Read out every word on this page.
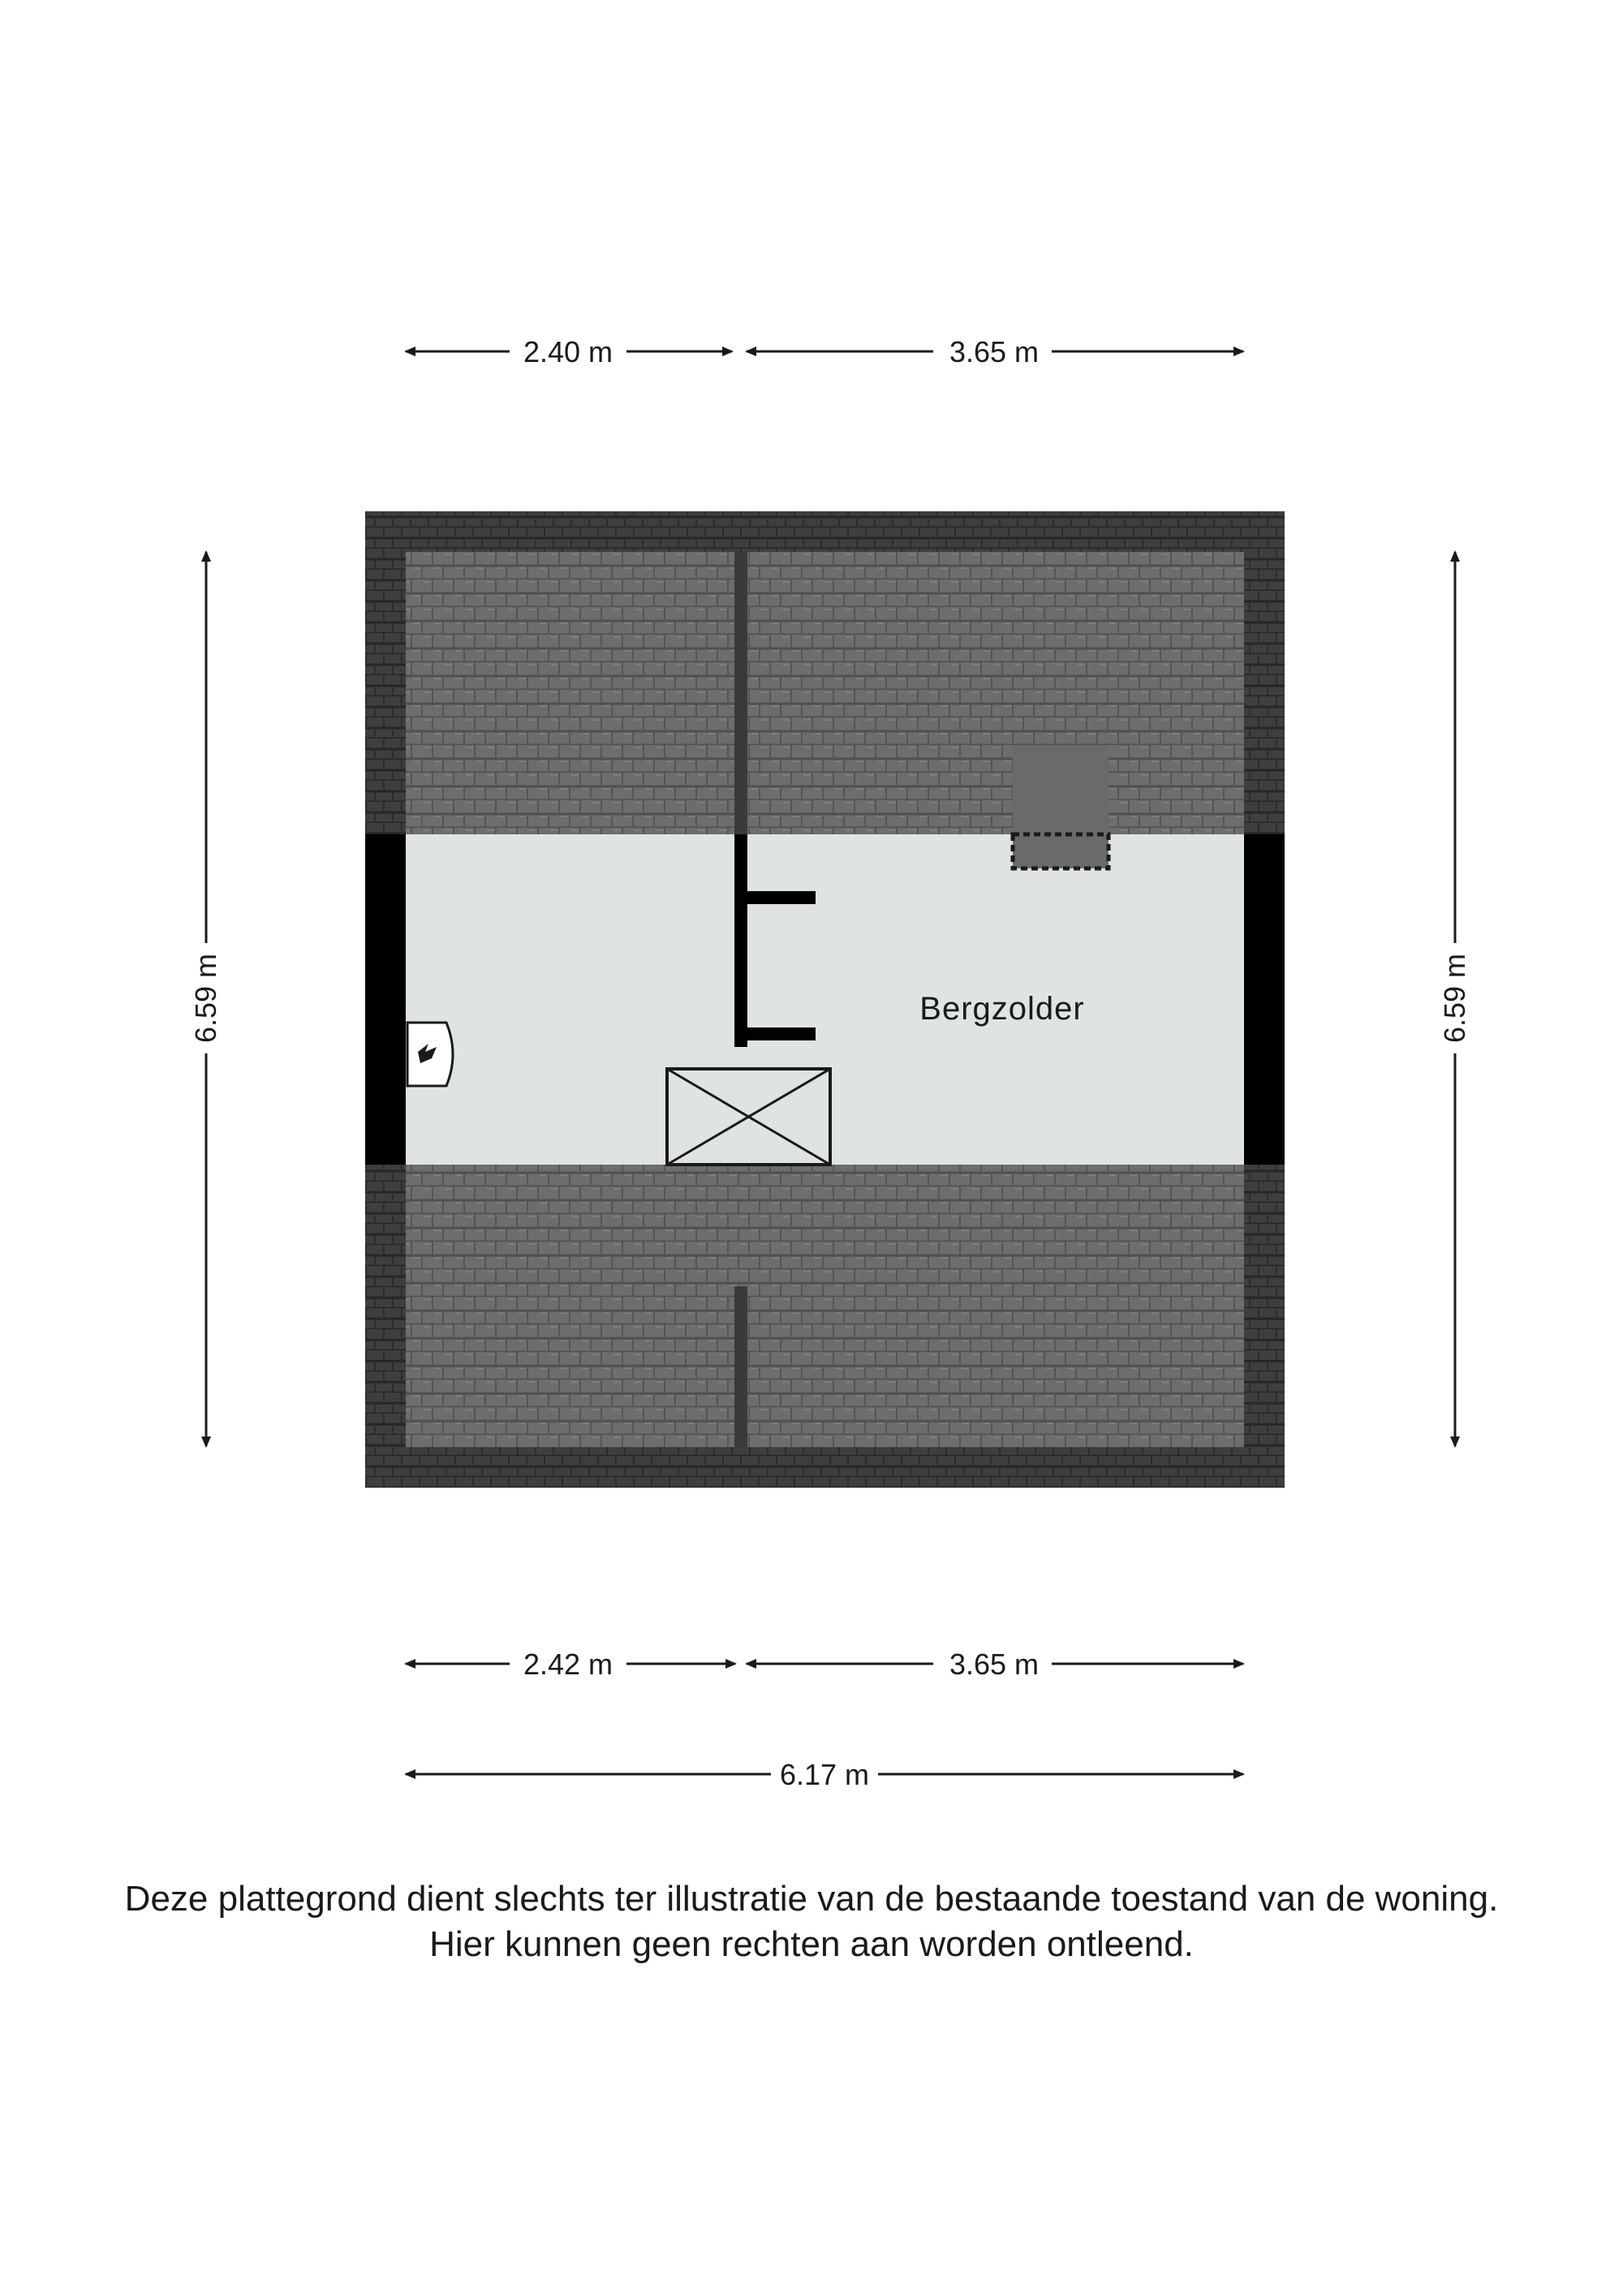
2.40 m	3.65 m
6.59 m	6.59 m
Bergzolder
2.42 m	3.65 m
6.17 m
Deze plattegrond dient slechts ter illustratie van de bestaande toestand van de woning.
Hier kunnen geen rechten aan worden ontleend.
